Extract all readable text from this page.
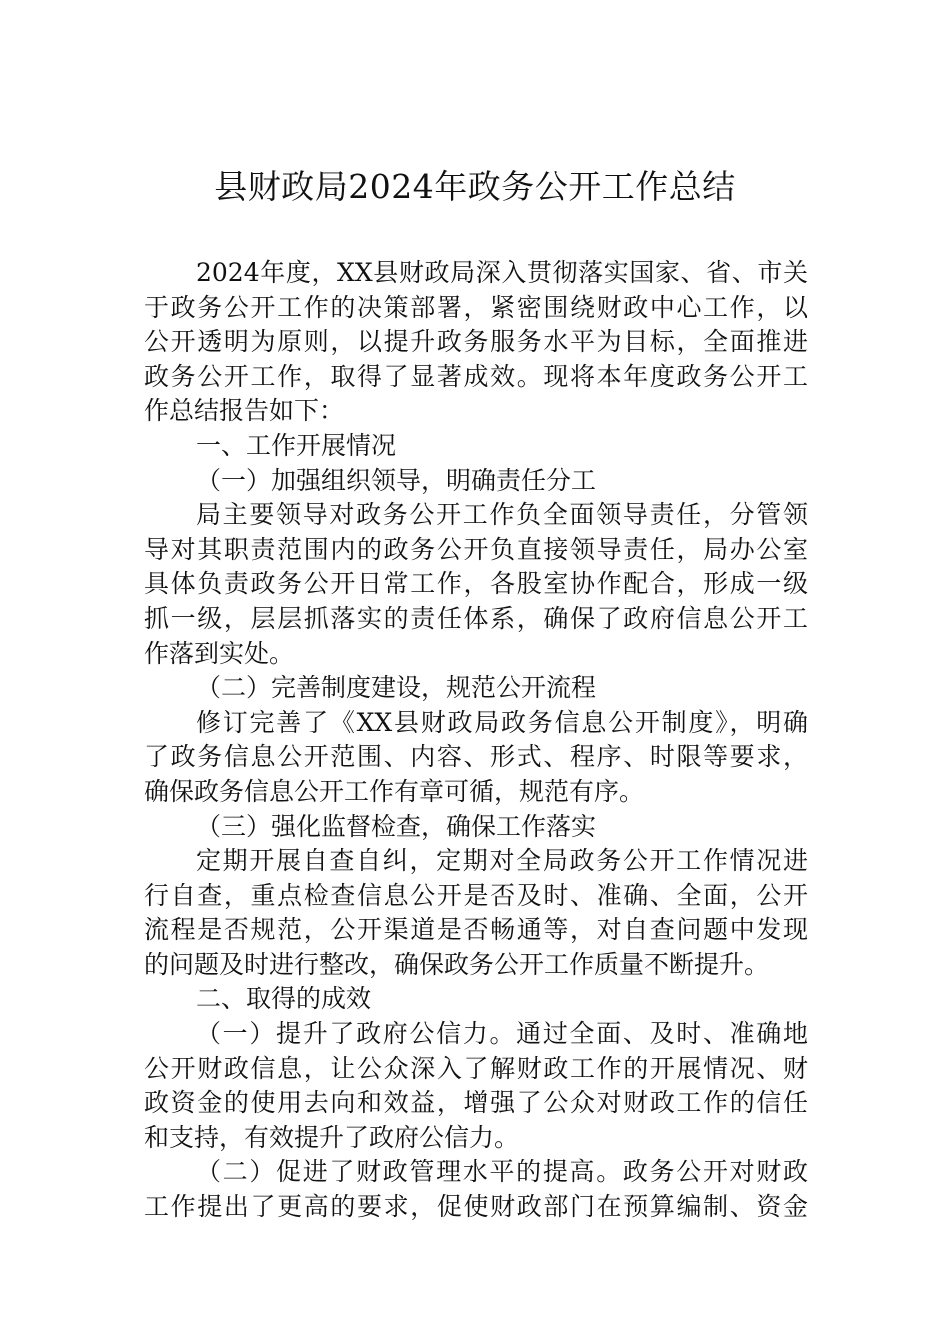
县财政局2024年政务公开工作总结
2024年度，XX县财政局深入贯彻落实国家、省、市关
于政务公开工作的决策部署，紧密围绕财政中心工作，以
公开透明为原则，以提升政务服务水平为目标，全面推进
政务公开工作，取得了显著成效。现将本年度政务公开工
作总结报告如下：
一、工作开展情况
（一）加强组织领导，明确责任分工
局主要领导对政务公开工作负全面领导责任，分管领
导对其职责范围内的政务公开负直接领导责任，局办公室
具体负责政务公开日常工作，各股室协作配合，形成一级
抓一级，层层抓落实的责任体系，确保了政府信息公开工
作落到实处。
（二）完善制度建设，规范公开流程
修订完善了《XX县财政局政务信息公开制度》，明确
了政务信息公开范围、内容、形式、程序、时限等要求，
确保政务信息公开工作有章可循，规范有序。
（三）强化监督检查，确保工作落实
定期开展自查自纠，定期对全局政务公开工作情况进
行自查，重点检查信息公开是否及时、准确、全面，公开
流程是否规范，公开渠道是否畅通等，对自查问题中发现
的问题及时进行整改，确保政务公开工作质量不断提升。
二、取得的成效
（一）提升了政府公信力。通过全面、及时、准确地
公开财政信息，让公众深入了解财政工作的开展情况、财
政资金的使用去向和效益，增强了公众对财政工作的信任
和支持，有效提升了政府公信力。
（二）促进了财政管理水平的提高。政务公开对财政
工作提出了更高的要求，促使财政部门在预算编制、资金
